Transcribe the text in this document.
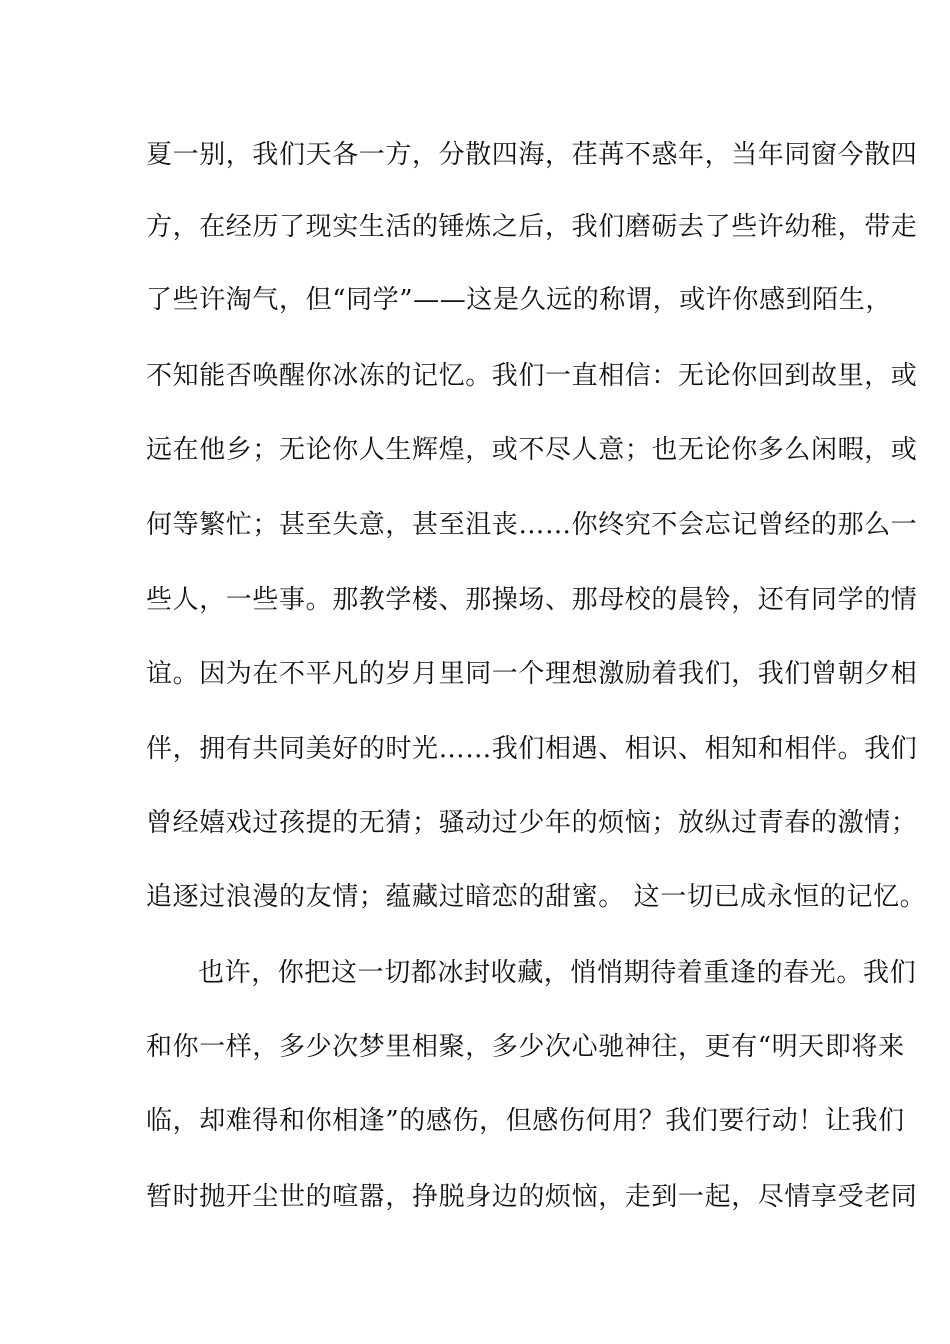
夏一别，我们天各一方，分散四海，荏苒不惑年，当年同窗今散四
方，在经历了现实生活的锤炼之后，我们磨砺去了些许幼稚，带走
了些许淘气，但“同学”——这是久远的称谓，或许你感到陌生，
不知能否唤醒你冰冻的记忆。我们一直相信：无论你回到故里，或
远在他乡；无论你人生辉煌，或不尽人意；也无论你多么闲暇，或
何等繁忙；甚至失意，甚至沮丧……你终究不会忘记曾经的那么一
些人，一些事。那教学楼、那操场、那母校的晨铃，还有同学的情
谊。因为在不平凡的岁月里同一个理想激励着我们，我们曾朝夕相
伴，拥有共同美好的时光……我们相遇、相识、相知和相伴。我们
曾经嬉戏过孩提的无猜；骚动过少年的烦恼；放纵过青春的激情；
追逐过浪漫的友情；蕴藏过暗恋的甜蜜。 这一切已成永恒的记忆。
也许，你把这一切都冰封收藏，悄悄期待着重逢的春光。我们
和你一样，多少次梦里相聚，多少次心驰神往，更有“明天即将来
临，却难得和你相逢”的感伤，但感伤何用？我们要行动！让我们
暂时抛开尘世的喧嚣，挣脱身边的烦恼，走到一起，尽情享受老同
